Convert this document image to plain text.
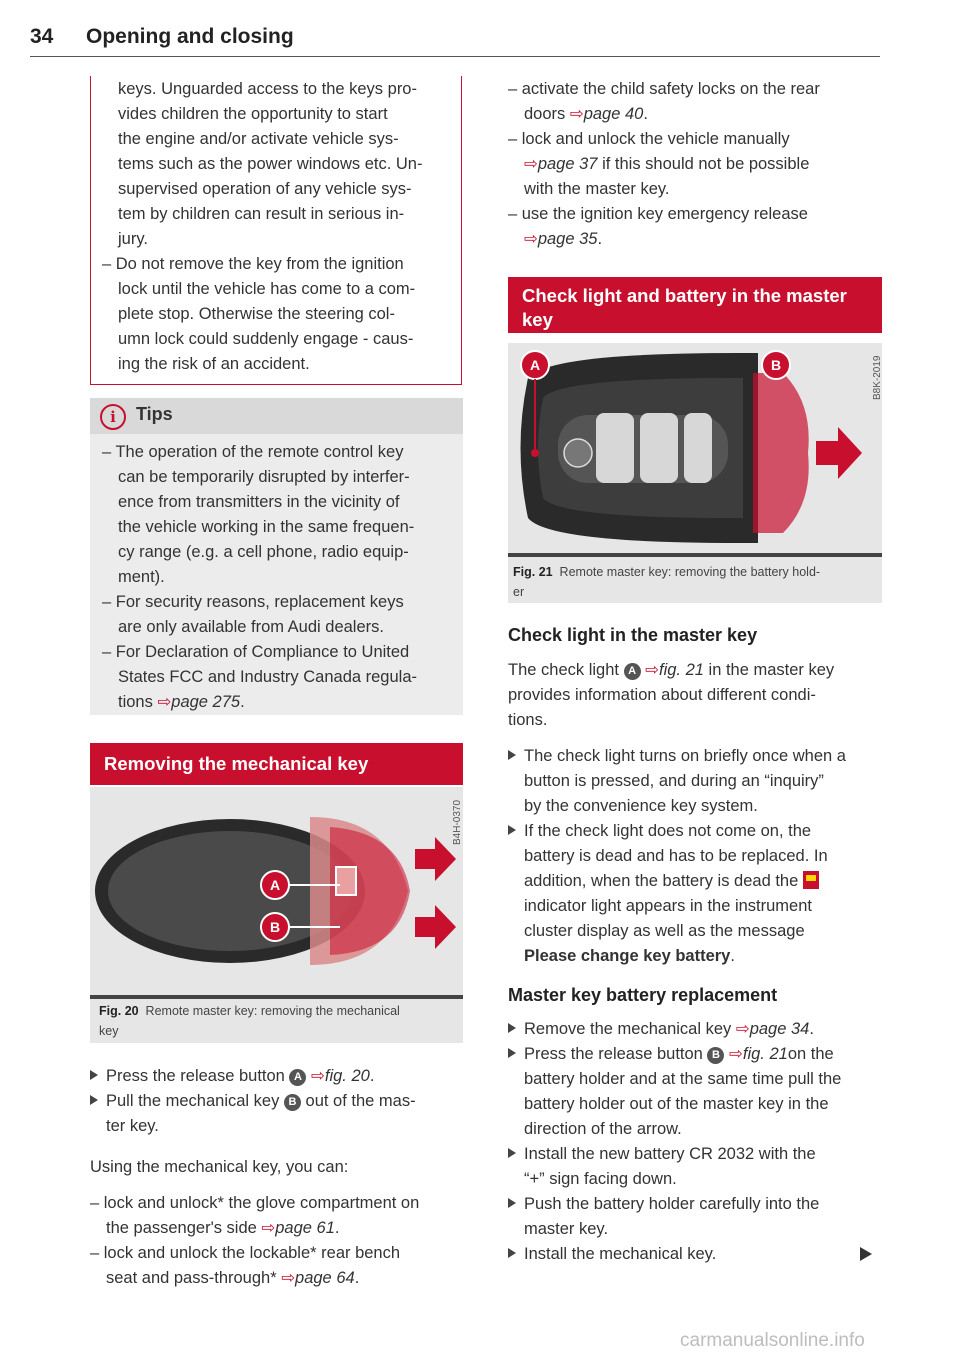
34 Opening and closing

keys. Unguarded access to the keys pro-

vides children the opportunity to start

the engine and/or activate vehicle sys-

tems such as the power windows etc. Un-

supervised operation of any vehicle sys-

tem by children can result in serious in-

jury.

– Do not remove the key from the ignition

lock until the vehicle has come to a com-

plete stop. Otherwise the steering col-

umn lock could suddenly engage - caus-

ing the risk of an accident.

i	Tips

– The operation of the remote control key

can be temporarily disrupted by interfer-

ence from transmitters in the vicinity of

the vehicle working in the same frequen-

cy range (e.g. a cell phone, radio equip-

ment).

– For security reasons, replacement keys

are only available from Audi dealers.

– For Declaration of Compliance to United

States FCC and Industry Canada regula-

tions ⇨page 275.

Removing the mechanical key
A
B
B4H-0370
Fig. 20 Remote master key: removing the mechanical
key

Press the release button A ⇨fig. 20.

Pull the mechanical key B out of the mas-

ter key.

Using the mechanical key, you can:

– lock and unlock* the glove compartment on

the passenger's side ⇨page 61.

– lock and unlock the lockable* rear bench

seat and pass-through* ⇨page 64.

– activate the child safety locks on the rear

doors ⇨page 40.

– lock and unlock the vehicle manually

⇨page 37 if this should not be possible

with the master key.

– use the ignition key emergency release

⇨page 35.

Check light and battery in the master
key
A	B	B8K-2019
Fig. 21 Remote master key: removing the battery hold-
er
Check light in the master key

The check light A ⇨fig. 21 in the master key

provides information about different condi-

tions.

The check light turns on briefly once when a

button is pressed, and during an “inquiry”

by the convenience key system.

If the check light does not come on, the

battery is dead and has to be replaced. In

addition, when the battery is dead the

indicator light appears in the instrument

cluster display as well as the message

Please change key battery.

Master key battery replacement

Remove the mechanical key ⇨page 34.

Press the release button B ⇨fig. 21on the

battery holder and at the same time pull the

battery holder out of the master key in the

direction of the arrow.

Install the new battery CR 2032 with the

“+” sign facing down.

Push the battery holder carefully into the

master key.

Install the mechanical key.

carmanualsonline.info
